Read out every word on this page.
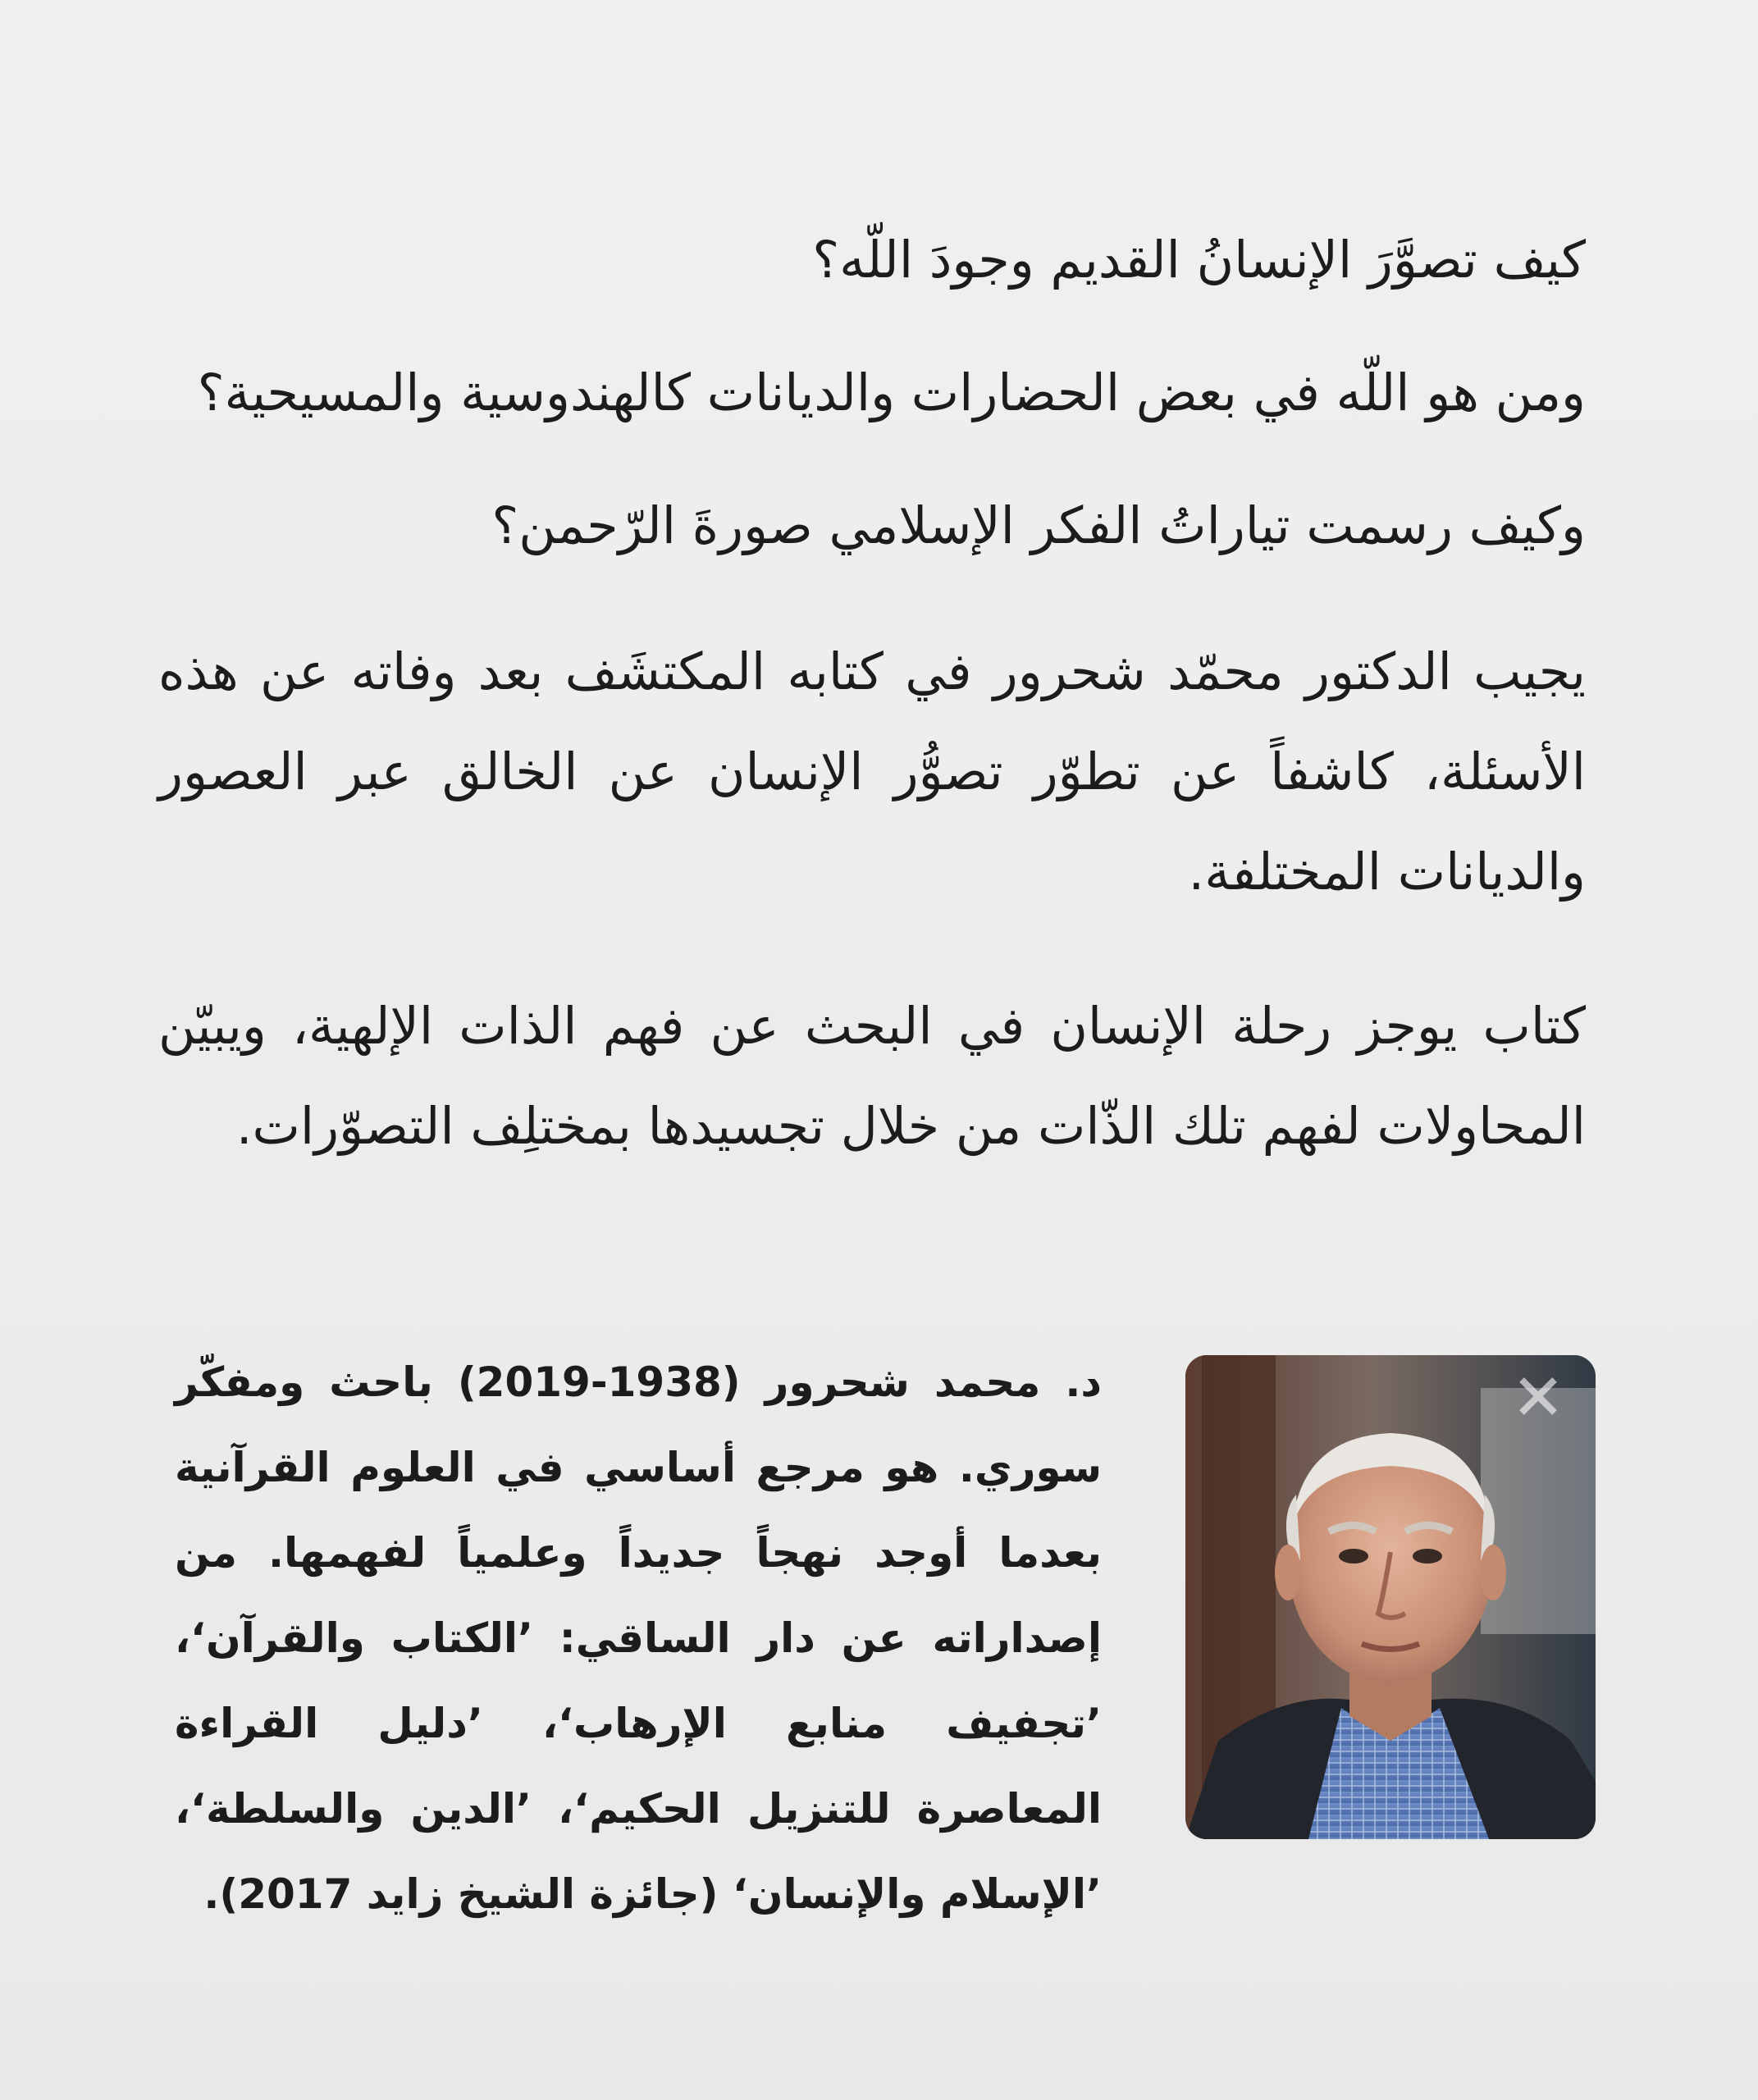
كيف تصوَّرَ الإنسانُ القديم وجودَ اللّه؟

ومن هو اللّه في بعض الحضارات والديانات كالهندوسية والمسيحية؟

وكيف رسمت تياراتُ الفكر الإسلامي صورةَ الرّحمن؟

يجيب الدكتور محمّد شحرور في كتابه المكتشَف بعد وفاته عن هذه الأسئلة، كاشفاً عن تطوّر تصوُّر الإنسان عن الخالق عبر العصور والديانات المختلفة.
كتاب يوجز رحلة الإنسان في البحث عن فهم الذات الإلهية، ويبيّن المحاولات لفهم تلك الذّات من خلال تجسيدها بمختلِف التصوّرات.
د. محمد شحرور (1938-2019) باحث ومفكّر سوري. هو مرجع أساسي في العلوم القرآنية بعدما أوجد نهجاً جديداً وعلمياً لفهمها. من إصداراته عن دار الساقي: ’الكتاب والقرآن‘، ’تجفيف منابع الإرهاب‘، ’دليل القراءة المعاصرة للتنزيل الحكيم‘، ’الدين والسلطة‘، ’الإسلام والإنسان‘ (جائزة الشيخ زايد 2017).
